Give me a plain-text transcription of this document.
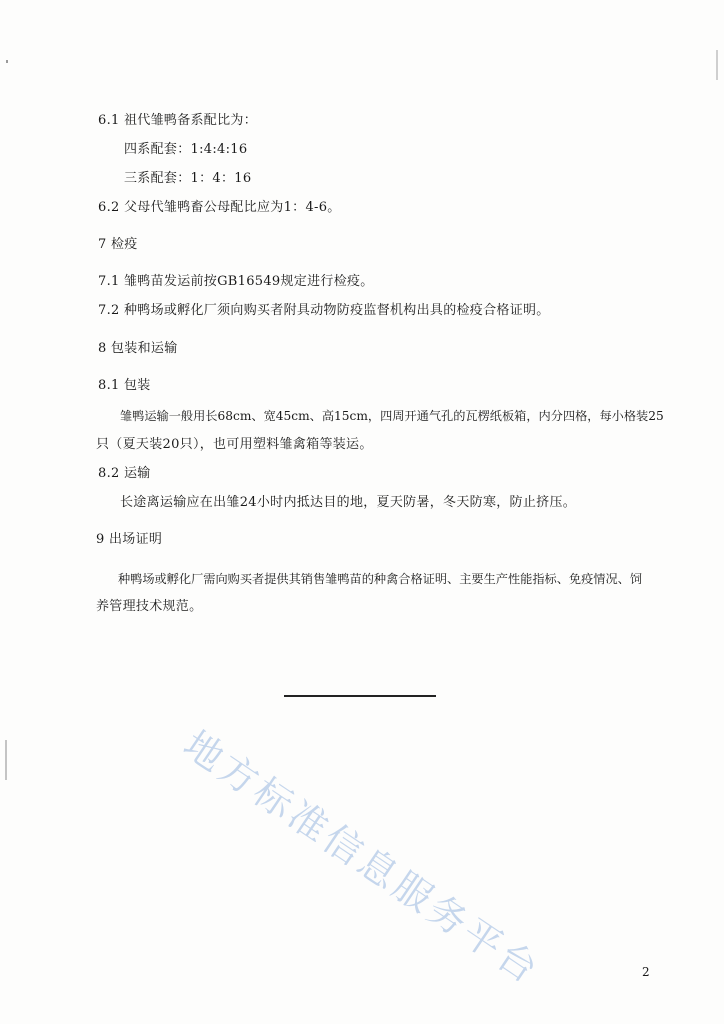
6.1 祖代雏鸭备系配比为：
四系配套：1:4:4:16
三系配套：1：4：16
6.2 父母代雏鸭畜公母配比应为1：4-6。
7 检疫
7.1 雏鸭苗发运前按GB16549规定进行检疫。
7.2 种鸭场或孵化厂须向购买者附具动物防疫监督机构出具的检疫合格证明。
8 包装和运输
8.1 包装
雏鸭运输一般用长68cm、宽45cm、高15cm，四周开通气孔的瓦楞纸板箱，内分四格，每小格装25
只（夏天装20只），也可用塑料雏禽箱等装运。
8.2 运输
长途离运输应在出雏24小时内抵达目的地，夏天防暑，冬天防寒，防止挤压。
9 出场证明
种鸭场或孵化厂需向购买者提供其销售雏鸭苗的种禽合格证明、主要生产性能指标、免疫情况、饲
养管理技术规范。
地方标准信息服务平台	2
